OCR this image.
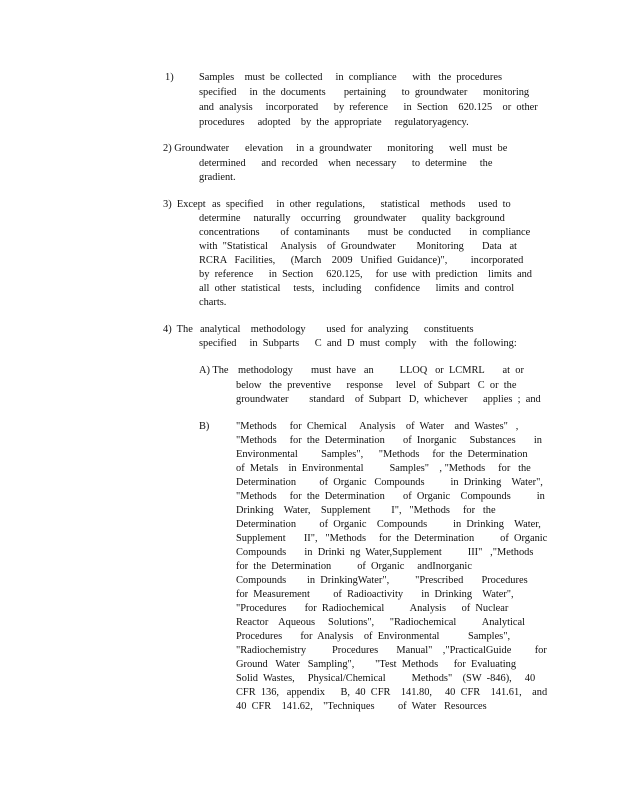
1) Samples    must  be  collected     in  compliance      with   the  procedures
specified     in  the  documents       pertaining      to  groundwater      monitoring
and  analysis     incorporated      by  reference      in  Section    620.125    or  other
procedures     adopted    by  the  appropriate     regulatoryagency.
2) Groundwater elevation     in  a  groundwater      monitoring      well  must  be
determined      and  recorded    when  necessary      to  determine     the
gradient.
3)  Except as  specified     in  other  regulations,      statistical    methods     used  to
determine     naturally    occurring     groundwater      quality  background
concentrations        of  contaminants       must  be  conducted       in  compliance
with  "Statistical     Analysis    of  Groundwater        Monitoring       Data   at
RCRA   Facilities,      (March    2009   Unified  Guidance)",         incorporated
by  reference      in  Section     620.125,     for  use  with  prediction    limits  and
all  other  statistical     tests,   including     confidence      limits  and  control
charts.
4)  The analytical    methodology        used  for  analyzing      constituents
specified     in  Subparts      C  and  D  must  comply     with   the  following:
A) The methodology       must  have   an          LLOQ   or  LCMRL       at  or
below   the  preventive      response     level   of  Subpart   C  or  the
groundwater        standard    of  Subpart   D,  whichever      applies  ;  and
B)	"Methods     for  Chemical     Analysis    of  Water    and  Wastes"   ,
"Methods     for  the  Determination       of  Inorganic     Substances       in
Environmental         Samples",      "Methods     for  the  Determination
of  Metals    in  Environmental          Samples"    , "Methods     for   the
Determination         of  Organic   Compounds          in  Drinking    Water",
"Methods     for  the  Determination       of  Organic    Compounds          in
Drinking    Water,    Supplement        I",   "Methods     for   the
Determination         of  Organic    Compounds          in  Drinking    Water,
Supplement       II",   "Methods     for  the  Determination          of  Organic
Compounds       in  Drinki  ng  Water,Supplement          III"   ,"Methods
for  the  Determination          of  Organic     andInorganic
Compounds        in  DrinkingWater",          "Prescribed       Procedures
for  Measurement         of  Radioactivity       in  Drinking    Water",
"Procedures       for  Radiochemical          Analysis      of  Nuclear
Reactor    Aqueous     Solutions",      "Radiochemical          Analytical
Procedures       for  Analysis    of  Environmental           Samples",
"Radiochemistry          Procedures       Manual"    ,"PracticalGuide         for
Ground   Water   Sampling",        "Test  Methods      for  Evaluating
Solid  Wastes,     Physical/Chemical          Methods"    (SW  -846),     40
CFR  136,   appendix      B,  40  CFR    141.80,     40  CFR    141.61,    and
40  CFR    141.62,    "Techniques         of  Water   Resources
